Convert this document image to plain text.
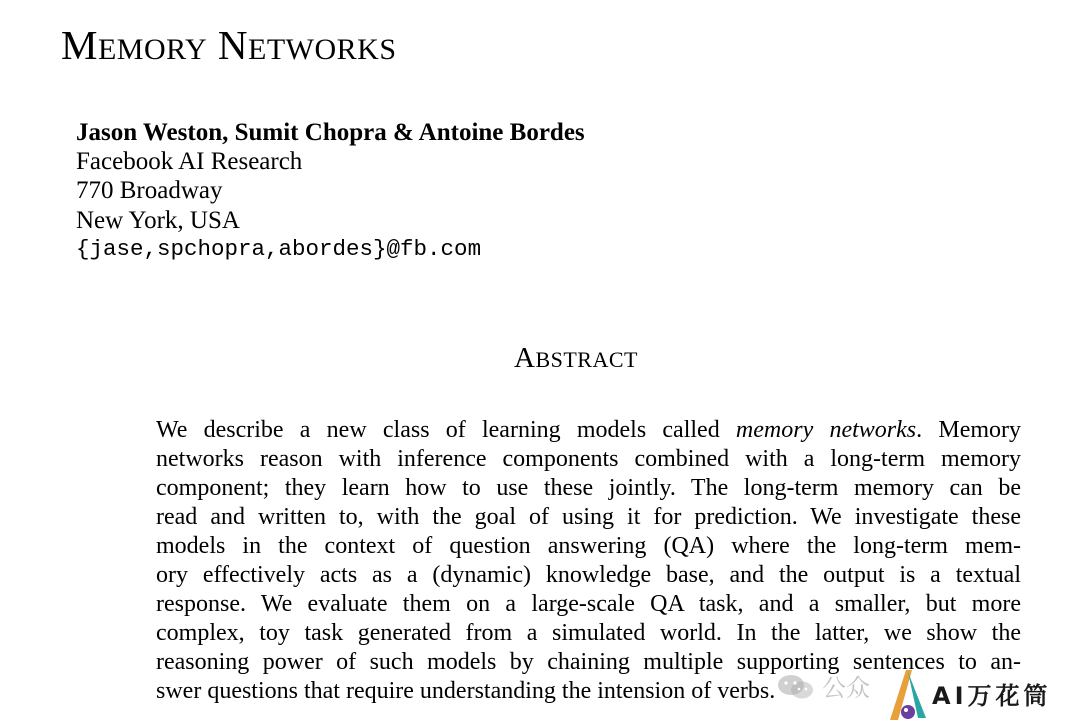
MEMORY NETWORKS
Jason Weston, Sumit Chopra & Antoine Bordes
Facebook AI Research
770 Broadway
New York, USA
{jase,spchopra,abordes}@fb.com
ABSTRACT
We describe a new class of learning models called memory networks. Memory
networks reason with inference components combined with a long-term memory
component; they learn how to use these jointly. The long-term memory can be
read and written to, with the goal of using it for prediction. We investigate these
models in the context of question answering (QA) where the long-term mem-
ory effectively acts as a (dynamic) knowledge base, and the output is a textual
response. We evaluate them on a large-scale QA task, and a smaller, but more
complex, toy task generated from a simulated world. In the latter, we show the
reasoning power of such models by chaining multiple supporting sentences to an-
swer questions that require understanding the intension of verbs.	公众	AI万花筒
